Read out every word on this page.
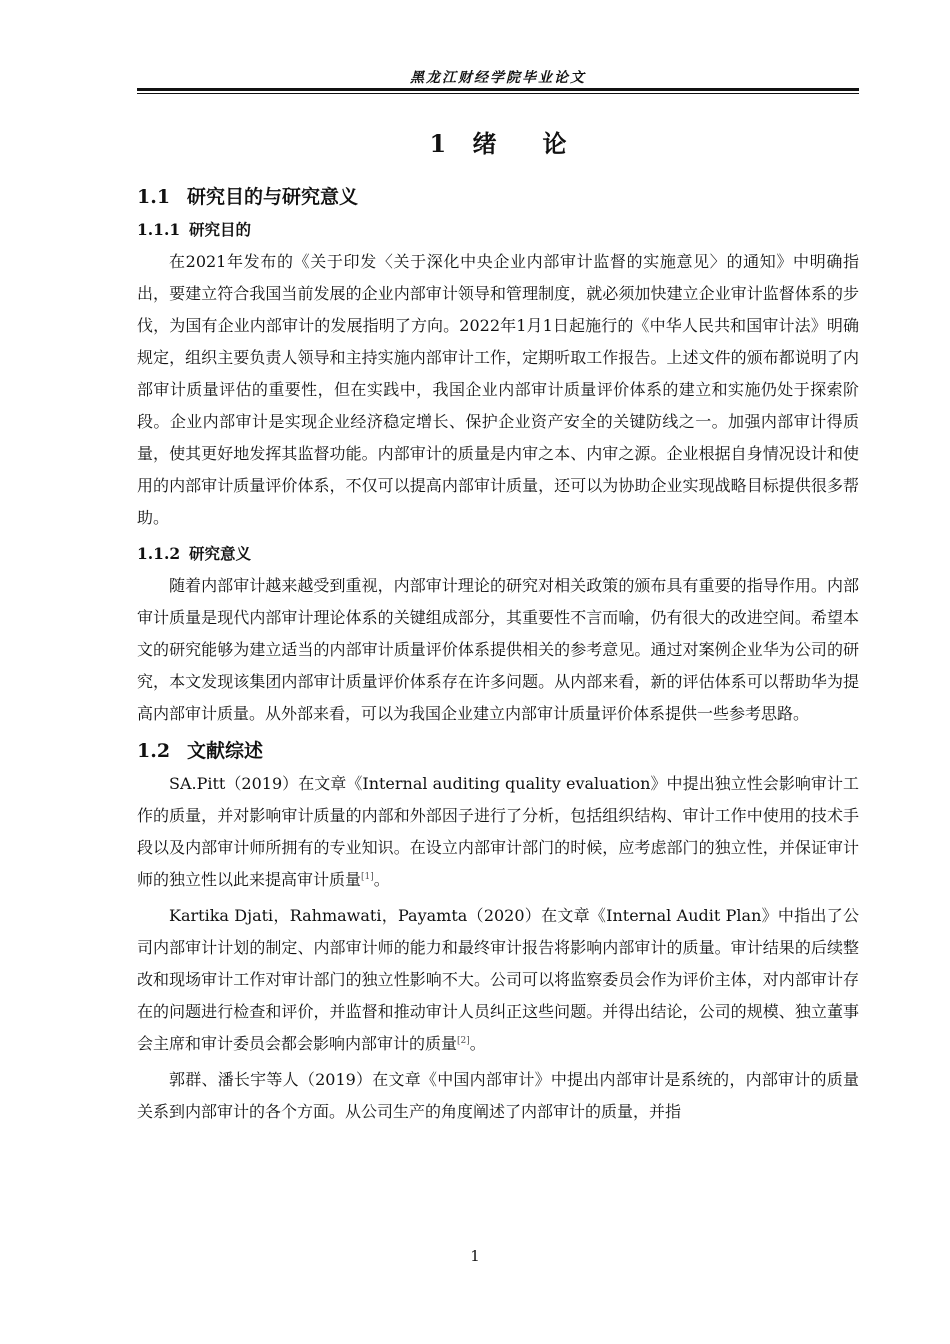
黑龙江财经学院毕业论文
1 绪 论
1.1 研究目的与研究意义
1.1.1 研究目的

在2021年发布的《关于印发〈关于深化中央企业内部审计监督的实施意见〉的通知》中明确指出，要建立符合我国当前发展的企业内部审计领导和管理制度，就必须加快建立企业审计监督体系的步伐，为国有企业内部审计的发展指明了方向。2022年1月1日起施行的《中华人民共和国审计法》明确规定，组织主要负责人领导和主持实施内部审计工作，定期听取工作报告。上述文件的颁布都说明了内部审计质量评估的重要性，但在实践中，我国企业内部审计质量评价体系的建立和实施仍处于探索阶段。企业内部审计是实现企业经济稳定增长、保护企业资产安全的关键防线之一。加强内部审计得质量，使其更好地发挥其监督功能。内部审计的质量是内审之本、内审之源。企业根据自身情况设计和使用的内部审计质量评价体系，不仅可以提高内部审计质量，还可以为协助企业实现战略目标提供很多帮助。

1.1.2 研究意义

随着内部审计越来越受到重视，内部审计理论的研究对相关政策的颁布具有重要的指导作用。内部审计质量是现代内部审计理论体系的关键组成部分，其重要性不言而喻，仍有很大的改进空间。希望本文的研究能够为建立适当的内部审计质量评价体系提供相关的参考意见。通过对案例企业华为公司的研究，本文发现该集团内部审计质量评价体系存在许多问题。从内部来看，新的评估体系可以帮助华为提高内部审计质量。从外部来看，可以为我国企业建立内部审计质量评价体系提供一些参考思路。

1.2 文献综述

SA.Pitt（2019）在文章《Internal auditing quality evaluation》中提出独立性会影响审计工作的质量，并对影响审计质量的内部和外部因子进行了分析，包括组织结构、审计工作中使用的技术手段以及内部审计师所拥有的专业知识。在设立内部审计部门的时候，应考虑部门的独立性，并保证审计师的独立性以此来提高审计质量[1]。

Kartika Djati，Rahmawati，Payamta（2020）在文章《Internal Audit Plan》中指出了公司内部审计计划的制定、内部审计师的能力和最终审计报告将影响内部审计的质量。审计结果的后续整改和现场审计工作对审计部门的独立性影响不大。公司可以将监察委员会作为评价主体，对内部审计存在的问题进行检查和评价，并监督和推动审计人员纠正这些问题。并得出结论，公司的规模、独立董事会主席和审计委员会都会影响内部审计的质量[2]。

郭群、潘长宇等人（2019）在文章《中国内部审计》中提出内部审计是系统的，内部审计的质量关系到内部审计的各个方面。从公司生产的角度阐述了内部审计的质量，并指

1
